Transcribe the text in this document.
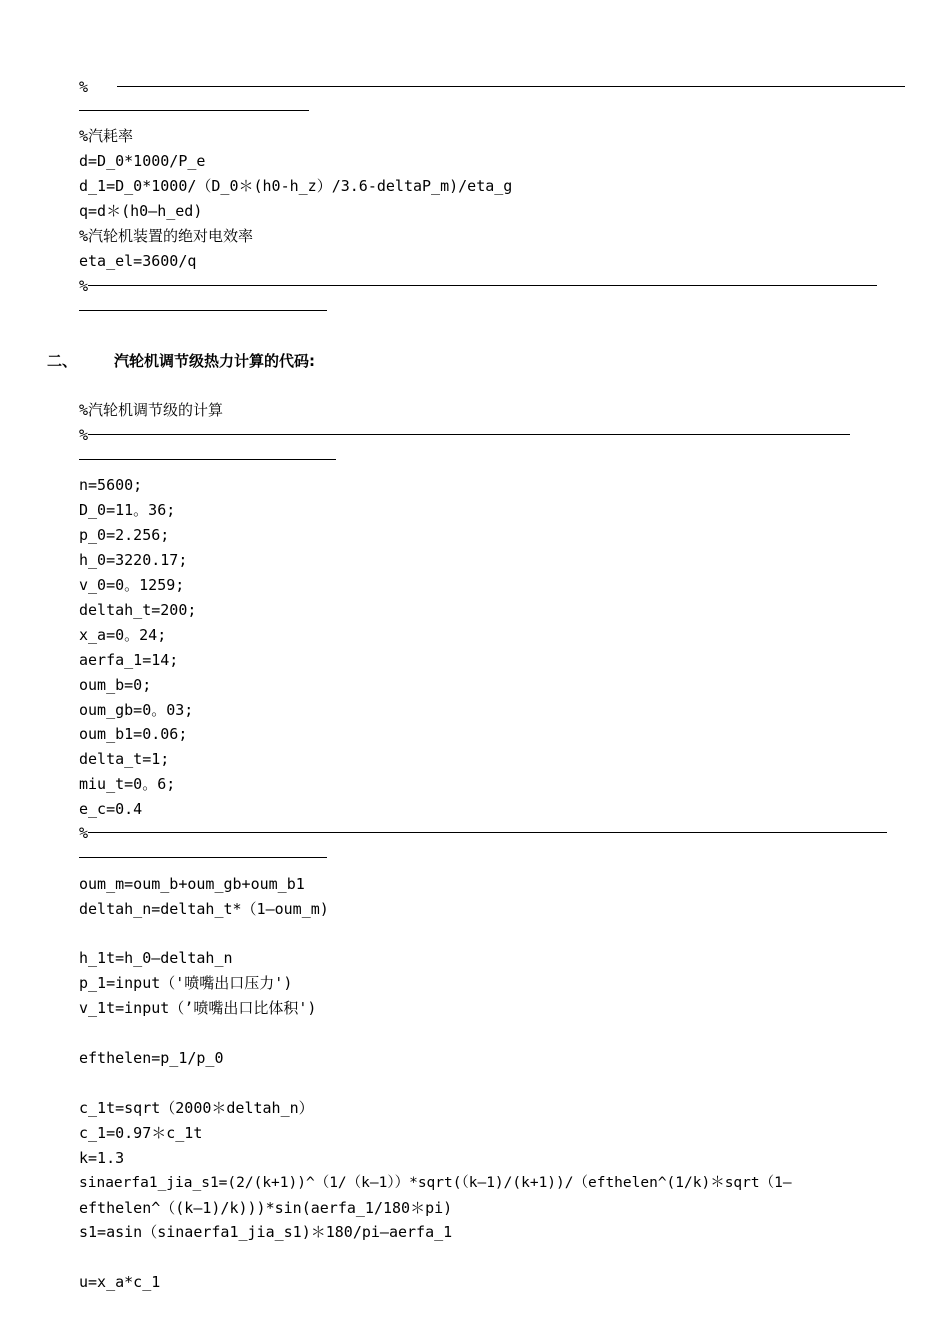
%
%汽耗率
d=D_0*1000/P_e
d_1=D_0*1000/（D_0＊(h0-h_z）/3.6-deltaP_m)/eta_g
q=d＊(h0—h_ed)
%汽轮机装置的绝对电效率
eta_el=3600/q
%
二、 汽轮机调节级热力计算的代码:
%汽轮机调节级的计算
%
n=5600;
D_0=11。36;
p_0=2.256;
h_0=3220.17;
v_0=0。1259;
deltah_t=200;
x_a=0。24;
aerfa_1=14;
oum_b=0;
oum_gb=0。03;
oum_b1=0.06;
delta_t=1;
miu_t=0。6;
e_c=0.4
%
oum_m=oum_b+oum_gb+oum_b1
deltah_n=deltah_t*（1—oum_m)
h_1t=h_0—deltah_n
p_1=input（'喷嘴出口压力')
v_1t=input（’喷嘴出口比体积')
efthelen=p_1/p_0
c_1t=sqrt（2000＊deltah_n）
c_1=0.97＊c_1t
k=1.3
sinaerfa1_jia_s1=(2/(k+1))^（1/（k—1））*sqrt(（k—1)/(k+1))/（efthelen^(1/k)＊sqrt（1—
efthelen^（(k—1)/k)))*sin(aerfa_1/180＊pi)
s1=asin（sinaerfa1_jia_s1)＊180/pi—aerfa_1
u=x_a*c_1
